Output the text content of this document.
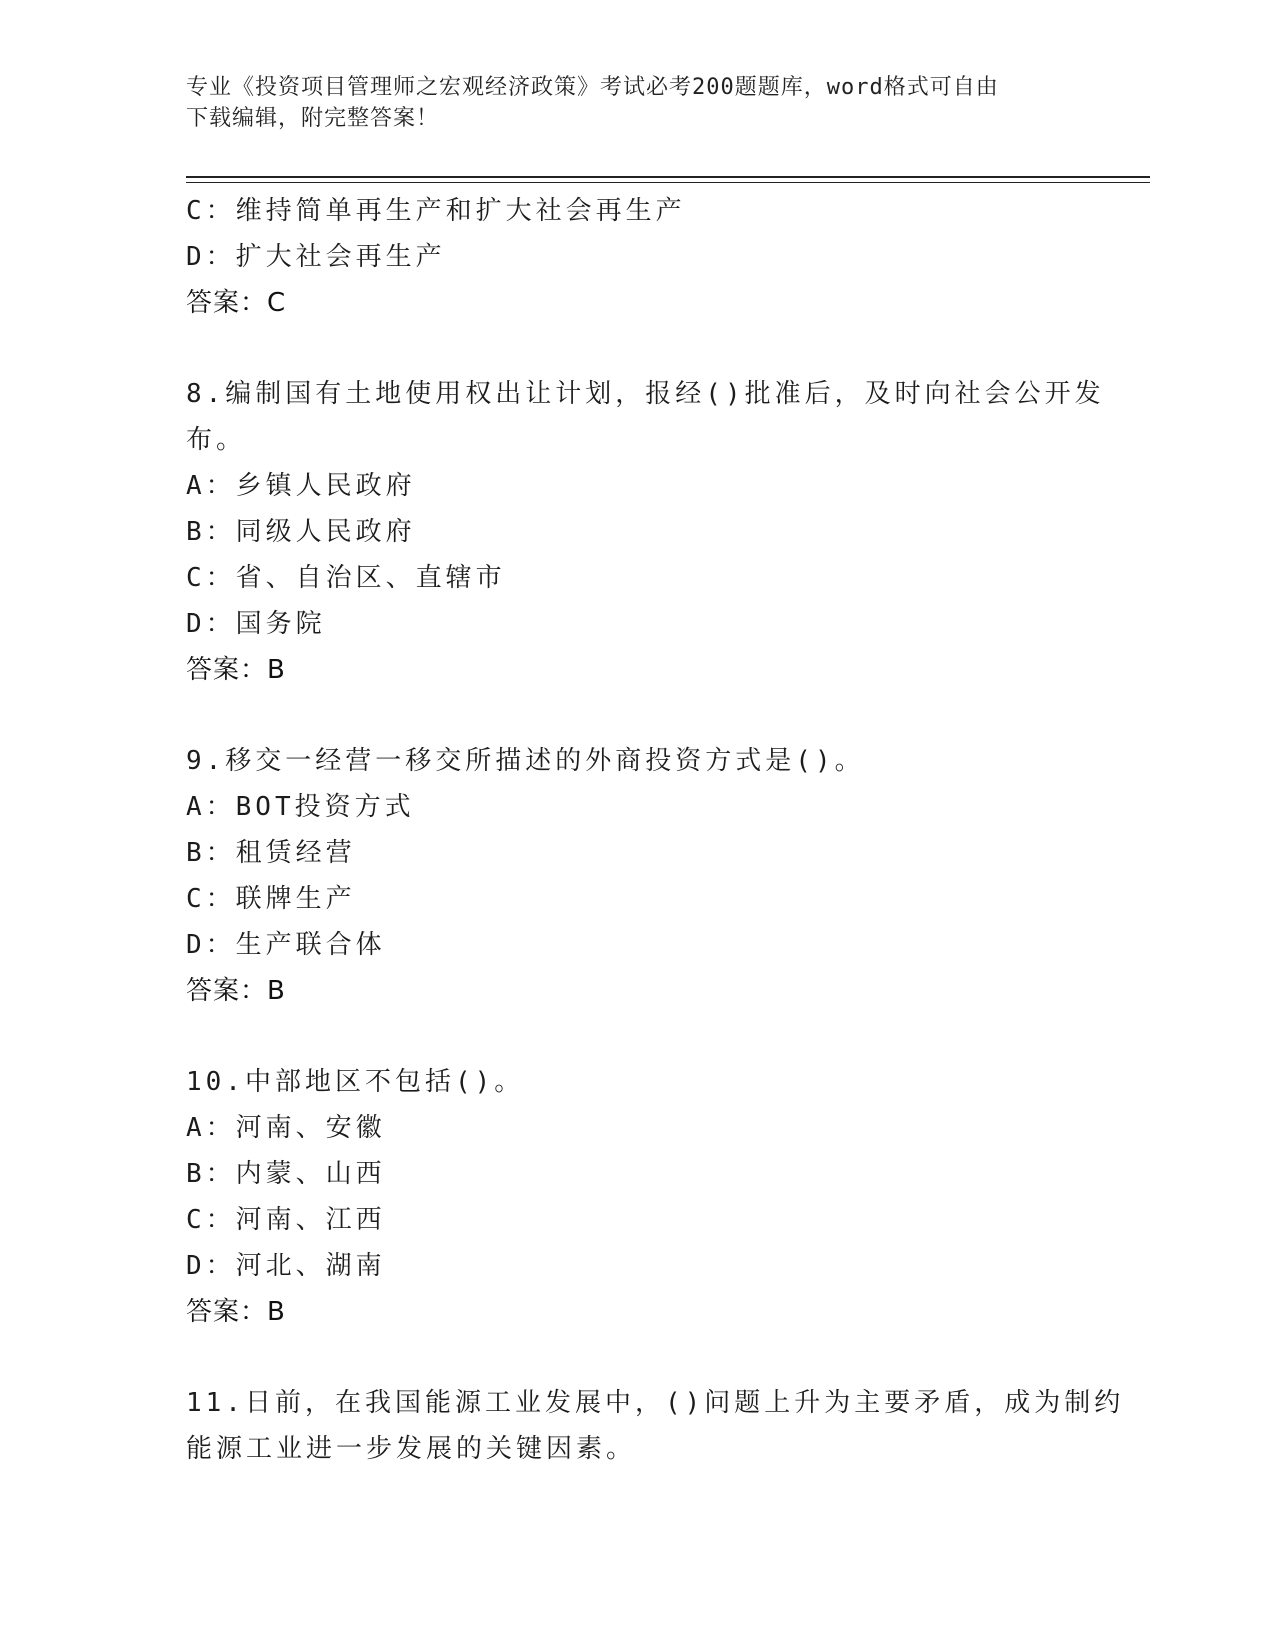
专业《投资项目管理师之宏观经济政策》考试必考200题题库，word格式可自由
下载编辑，附完整答案！
C：维持简单再生产和扩大社会再生产
D：扩大社会再生产
答案：C
8.编制国有土地使用权出让计划，报经()批准后，及时向社会公开发
布。
A：乡镇人民政府
B：同级人民政府
C：省、自治区、直辖市
D：国务院
答案：B
9.移交一经营一移交所描述的外商投资方式是()。
A：BOT投资方式
B：租赁经营
C：联牌生产
D：生产联合体
答案：B
10.中部地区不包括()。
A：河南、安徽
B：内蒙、山西
C：河南、江西
D：河北、湖南
答案：B
11.日前，在我国能源工业发展中，()问题上升为主要矛盾，成为制约
能源工业进一步发展的关键因素。
